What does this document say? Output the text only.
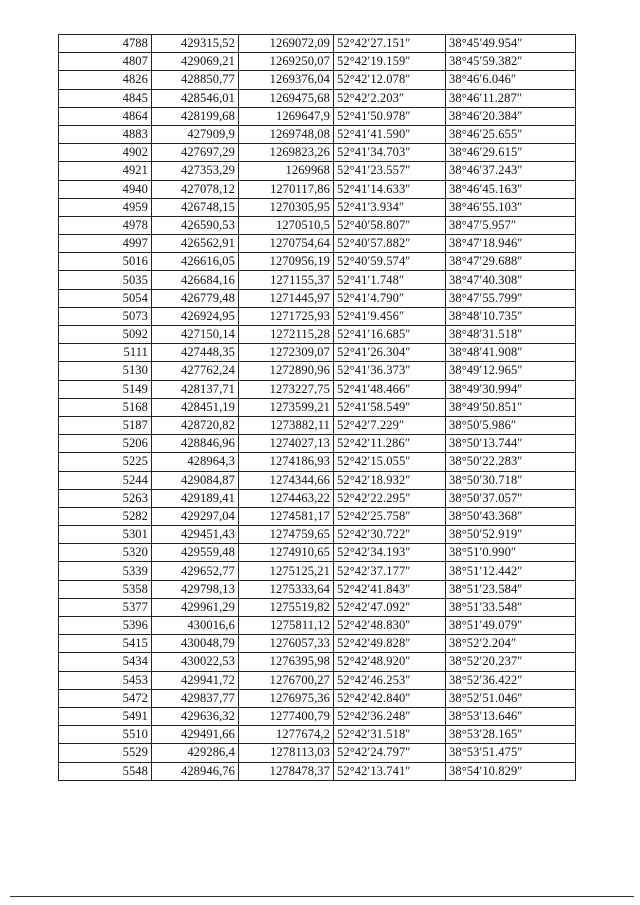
4788	429315,52	1269072,09	52°42′27.151″	38°45′49.954″
4807	429069,21	1269250,07	52°42′19.159″	38°45′59.382″
4826	428850,77	1269376,04	52°42′12.078″	38°46′6.046″
4845	428546,01	1269475,68	52°42′2.203″	38°46′11.287″
4864	428199,68	1269647,9	52°41′50.978″	38°46′20.384″
4883	427909,9	1269748,08	52°41′41.590″	38°46′25.655″
4902	427697,29	1269823,26	52°41′34.703″	38°46′29.615″
4921	427353,29	1269968	52°41′23.557″	38°46′37.243″
4940	427078,12	1270117,86	52°41′14.633″	38°46′45.163″
4959	426748,15	1270305,95	52°41′3.934″	38°46′55.103″
4978	426590,53	1270510,5	52°40′58.807″	38°47′5.957″
4997	426562,91	1270754,64	52°40′57.882″	38°47′18.946″
5016	426616,05	1270956,19	52°40′59.574″	38°47′29.688″
5035	426684,16	1271155,37	52°41′1.748″	38°47′40.308″
5054	426779,48	1271445,97	52°41′4.790″	38°47′55.799″
5073	426924,95	1271725,93	52°41′9.456″	38°48′10.735″
5092	427150,14	1272115,28	52°41′16.685″	38°48′31.518″
5111	427448,35	1272309,07	52°41′26.304″	38°48′41.908″
5130	427762,24	1272890,96	52°41′36.373″	38°49′12.965″
5149	428137,71	1273227,75	52°41′48.466″	38°49′30.994″
5168	428451,19	1273599,21	52°41′58.549″	38°49′50.851″
5187	428720,82	1273882,11	52°42′7.229″	38°50′5.986″
5206	428846,96	1274027,13	52°42′11.286″	38°50′13.744″
5225	428964,3	1274186,93	52°42′15.055″	38°50′22.283″
5244	429084,87	1274344,66	52°42′18.932″	38°50′30.718″
5263	429189,41	1274463,22	52°42′22.295″	38°50′37.057″
5282	429297,04	1274581,17	52°42′25.758″	38°50′43.368″
5301	429451,43	1274759,65	52°42′30.722″	38°50′52.919″
5320	429559,48	1274910,65	52°42′34.193″	38°51′0.990″
5339	429652,77	1275125,21	52°42′37.177″	38°51′12.442″
5358	429798,13	1275333,64	52°42′41.843″	38°51′23.584″
5377	429961,29	1275519,82	52°42′47.092″	38°51′33.548″
5396	430016,6	1275811,12	52°42′48.830″	38°51′49.079″
5415	430048,79	1276057,33	52°42′49.828″	38°52′2.204″
5434	430022,53	1276395,98	52°42′48.920″	38°52′20.237″
5453	429941,72	1276700,27	52°42′46.253″	38°52′36.422″
5472	429837,77	1276975,36	52°42′42.840″	38°52′51.046″
5491	429636,32	1277400,79	52°42′36.248″	38°53′13.646″
5510	429491,66	1277674,2	52°42′31.518″	38°53′28.165″
5529	429286,4	1278113,03	52°42′24.797″	38°53′51.475″
5548	428946,76	1278478,37	52°42′13.741″	38°54′10.829″
